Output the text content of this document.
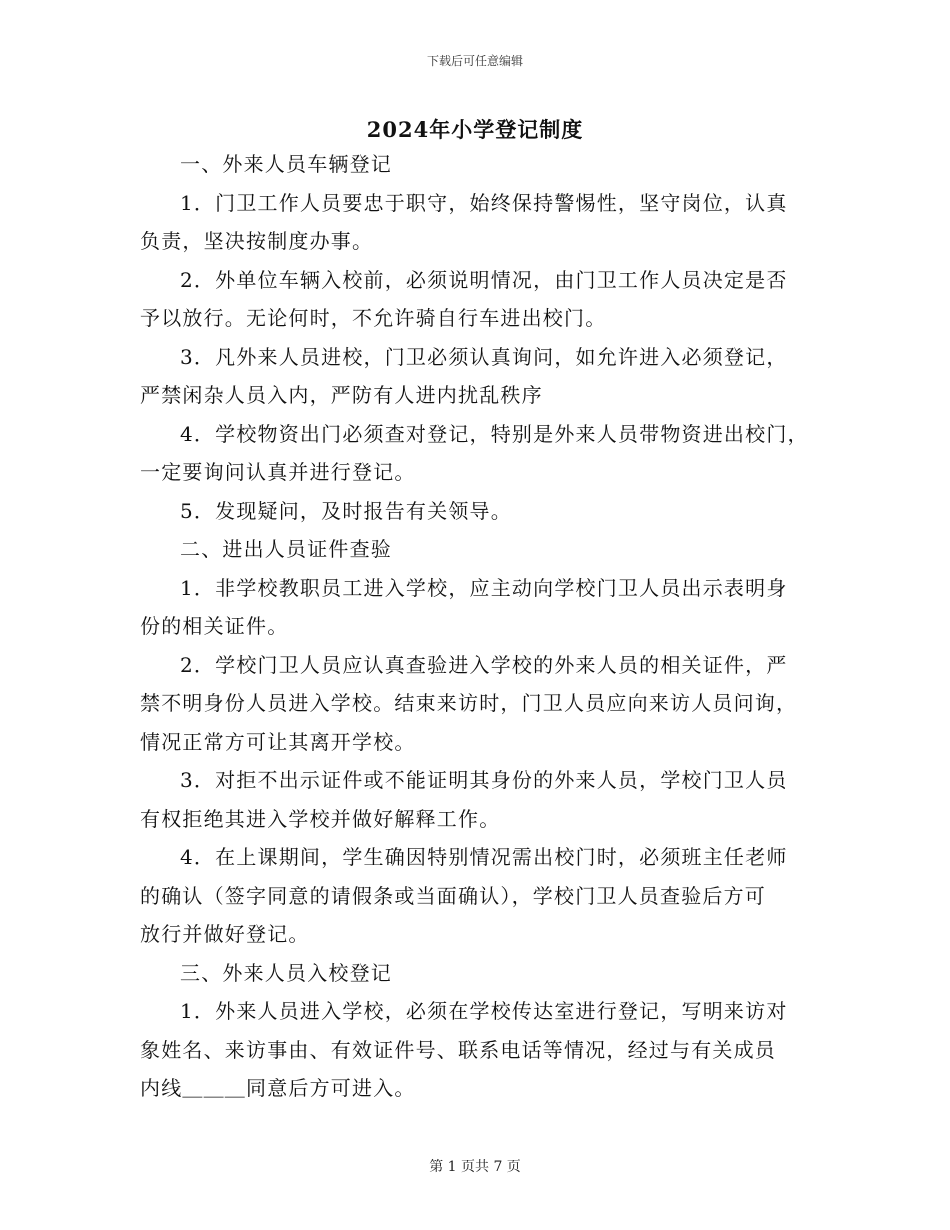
下载后可任意编辑
2024年小学登记制度

一、外来人员车辆登记

1．门卫工作人员要忠于职守，始终保持警惕性，坚守岗位，认真
负责，坚决按制度办事。

2．外单位车辆入校前，必须说明情况，由门卫工作人员决定是否
予以放行。无论何时，不允许骑自行车进出校门。

3．凡外来人员进校，门卫必须认真询问，如允许进入必须登记，
严禁闲杂人员入内，严防有人进内扰乱秩序

4．学校物资出门必须查对登记，特别是外来人员带物资进出校门，
一定要询问认真并进行登记。

5．发现疑问，及时报告有关领导。

二、进出人员证件查验

1．非学校教职员工进入学校，应主动向学校门卫人员出示表明身
份的相关证件。

2．学校门卫人员应认真查验进入学校的外来人员的相关证件，严
禁不明身份人员进入学校。结束来访时，门卫人员应向来访人员问询，
情况正常方可让其离开学校。

3．对拒不出示证件或不能证明其身份的外来人员，学校门卫人员
有权拒绝其进入学校并做好解释工作。

4．在上课期间，学生确因特别情况需出校门时，必须班主任老师
的确认（签字同意的请假条或当面确认），学校门卫人员查验后方可
放行并做好登记。

三、外来人员入校登记

1．外来人员进入学校，必须在学校传达室进行登记，写明来访对
象姓名、来访事由、有效证件号、联系电话等情况，经过与有关成员
内线＿＿＿同意后方可进入。

第 1 页共 7 页
